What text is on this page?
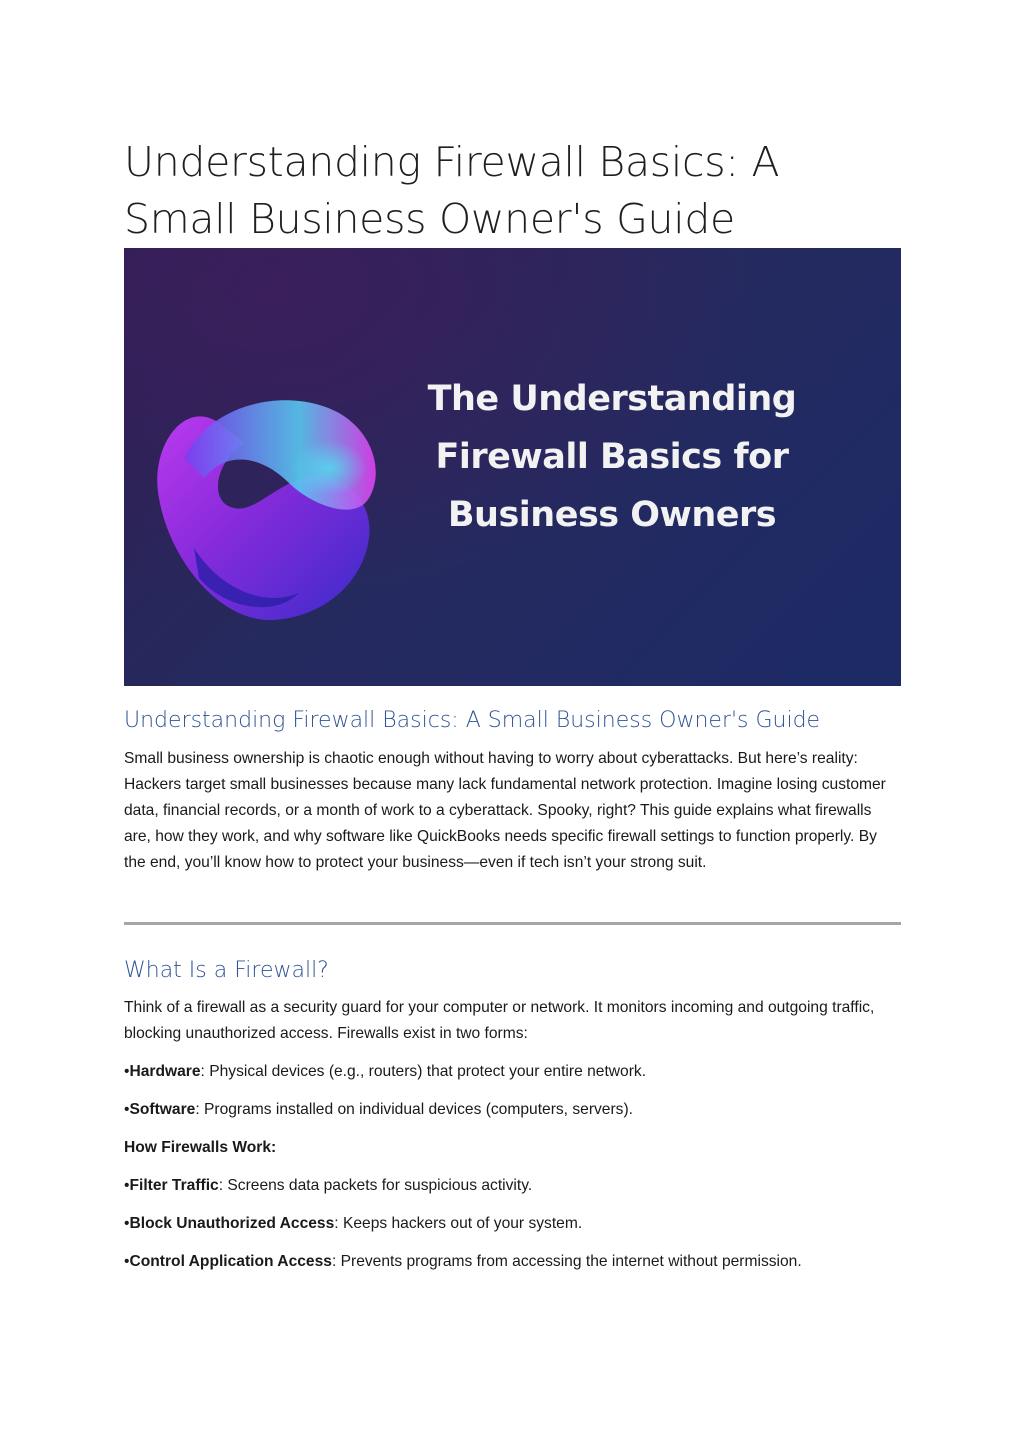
Understanding Firewall Basics: A
Small Business Owner's Guide
The Understanding
Firewall Basics for
Business Owners
Understanding Firewall Basics: A Small Business Owner's Guide

Small business ownership is chaotic enough without having to worry about cyberattacks. But here’s reality: Hackers target small businesses because many lack fundamental network protection. Imagine losing customer data, financial records, or a month of work to a cyberattack. Spooky, right? This guide explains what firewalls are, how they work, and why software like QuickBooks needs specific firewall settings to function properly. By the end, you’ll know how to protect your business—even if tech isn’t your strong suit.

What Is a Firewall?

Think of a firewall as a security guard for your computer or network. It monitors incoming and outgoing traffic, blocking unauthorized access. Firewalls exist in two forms:

•Hardware: Physical devices (e.g., routers) that protect your entire network.
•Software: Programs installed on individual devices (computers, servers).
How Firewalls Work:
•Filter Traffic: Screens data packets for suspicious activity.
•Block Unauthorized Access: Keeps hackers out of your system.
•Control Application Access: Prevents programs from accessing the internet without permission.
